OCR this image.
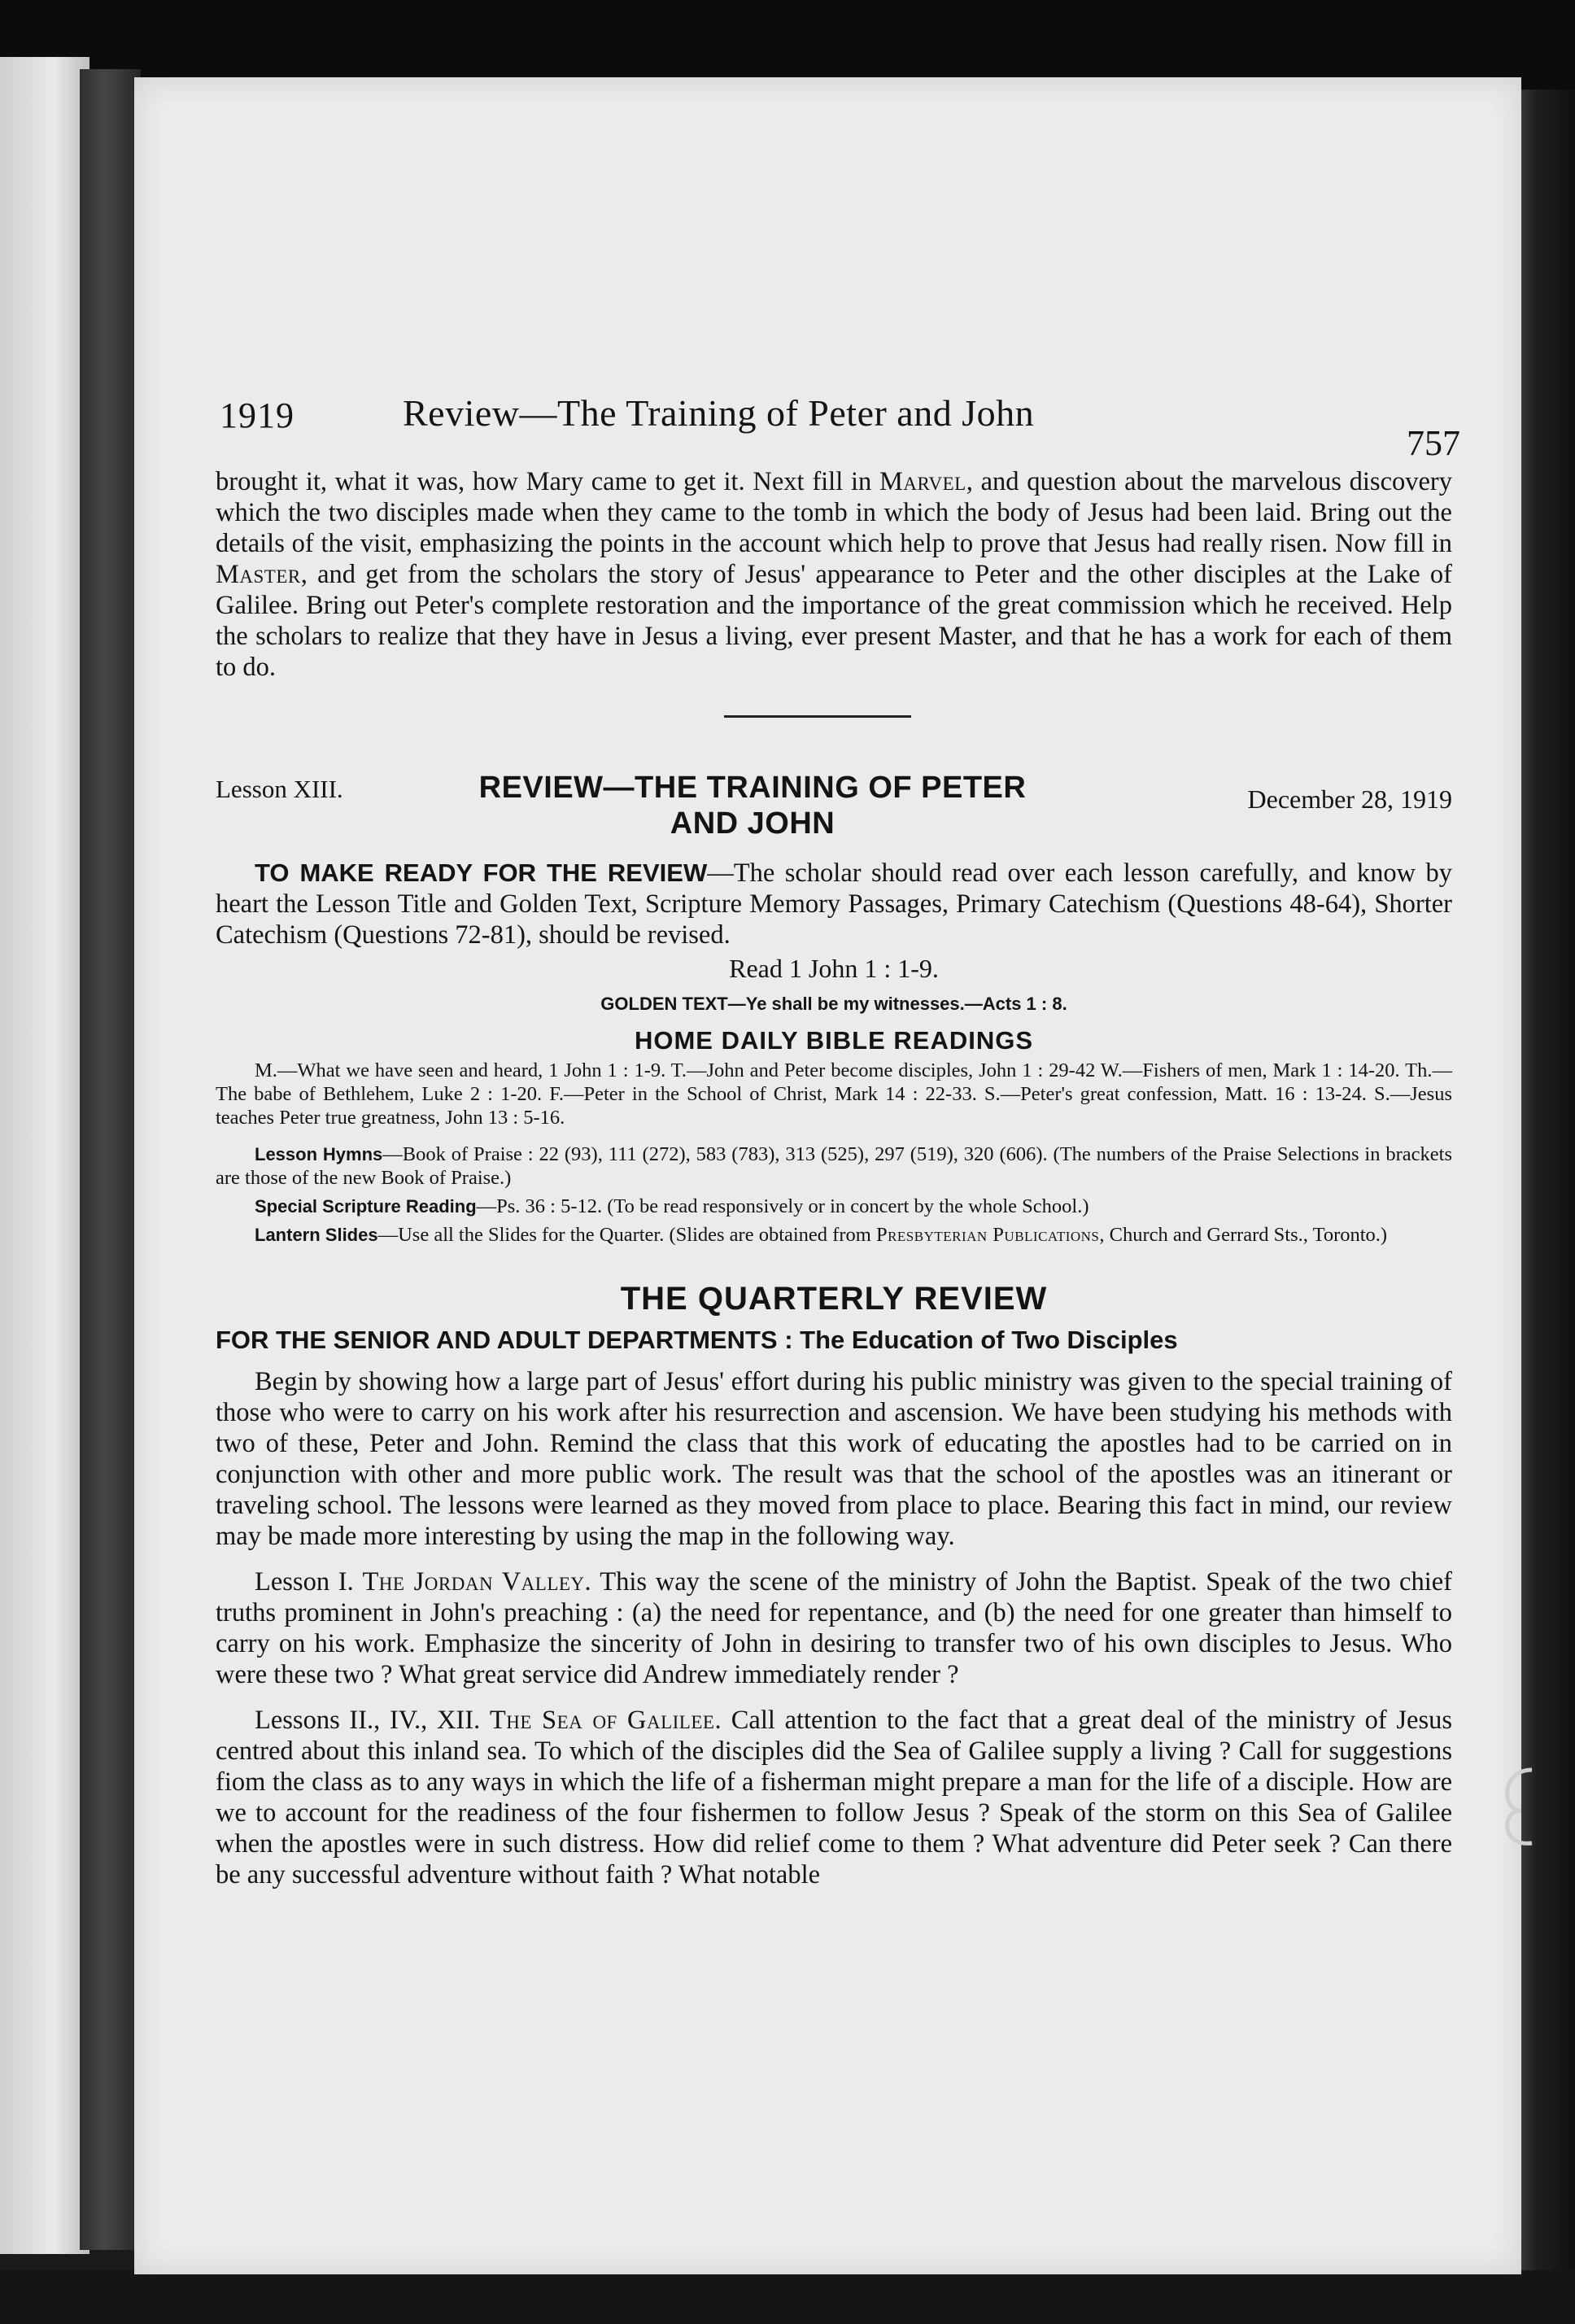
1919	Review—The Training of Peter and John
757

brought it, what it was, how Mary came to get it. Next fill in Marvel, and question about the marvelous discovery which the two disciples made when they came to the tomb in which the body of Jesus had been laid. Bring out the details of the visit, emphasizing the points in the account which help to prove that Jesus had really risen. Now fill in Master, and get from the scholars the story of Jesus' appearance to Peter and the other disciples at the Lake of Galilee. Bring out Peter's complete restoration and the importance of the great commission which he received. Help the scholars to realize that they have in Jesus a living, ever present Master, and that he has a work for each of them to do.

Lesson XIII.	REVIEW—THE TRAINING OF PETER
AND JOHN
December 28, 1919

TO MAKE READY FOR THE REVIEW—The scholar should read over each lesson carefully, and know by heart the Lesson Title and Golden Text, Scripture Memory Passages, Primary Catechism (Questions 48-64), Shorter Catechism (Questions 72-81), should be revised.

Read 1 John 1 : 1-9.
GOLDEN TEXT—Ye shall be my witnesses.—Acts 1 : 8.
HOME DAILY BIBLE READINGS

M.—What we have seen and heard, 1 John 1 : 1-9. T.—John and Peter become disciples, John 1 : 29-42 W.—Fishers of men, Mark 1 : 14-20. Th.—The babe of Bethlehem, Luke 2 : 1-20. F.—Peter in the School of Christ, Mark 14 : 22-33. S.—Peter's great confession, Matt. 16 : 13-24. S.—Jesus teaches Peter true greatness, John 13 : 5-16.

Lesson Hymns—Book of Praise : 22 (93), 111 (272), 583 (783), 313 (525), 297 (519), 320 (606). (The numbers of the Praise Selections in brackets are those of the new Book of Praise.)

Special Scripture Reading—Ps. 36 : 5-12. (To be read responsively or in concert by the whole School.)

Lantern Slides—Use all the Slides for the Quarter. (Slides are obtained from Presbyterian Publications, Church and Gerrard Sts., Toronto.)

THE QUARTERLY REVIEW
FOR THE SENIOR AND ADULT DEPARTMENTS : The Education of Two Disciples

Begin by showing how a large part of Jesus' effort during his public ministry was given to the special training of those who were to carry on his work after his resurrection and ascension. We have been studying his methods with two of these, Peter and John. Remind the class that this work of educating the apostles had to be carried on in conjunction with other and more public work. The result was that the school of the apostles was an itinerant or traveling school. The lessons were learned as they moved from place to place. Bearing this fact in mind, our review may be made more interesting by using the map in the following way.

Lesson I. The Jordan Valley. This way the scene of the ministry of John the Baptist. Speak of the two chief truths prominent in John's preaching : (a) the need for repentance, and (b) the need for one greater than himself to carry on his work. Emphasize the sincerity of John in desiring to transfer two of his own disciples to Jesus. Who were these two ? What great service did Andrew immediately render ?

Lessons II., IV., XII. The Sea of Galilee. Call attention to the fact that a great deal of the ministry of Jesus centred about this inland sea. To which of the disciples did the Sea of Galilee supply a living ? Call for suggestions fiom the class as to any ways in which the life of a fisherman might prepare a man for the life of a disciple. How are we to account for the readiness of the four fishermen to follow Jesus ? Speak of the storm on this Sea of Galilee when the apostles were in such distress. How did relief come to them ? What adventure did Peter seek ? Can there be any successful adventure without faith ? What notable
